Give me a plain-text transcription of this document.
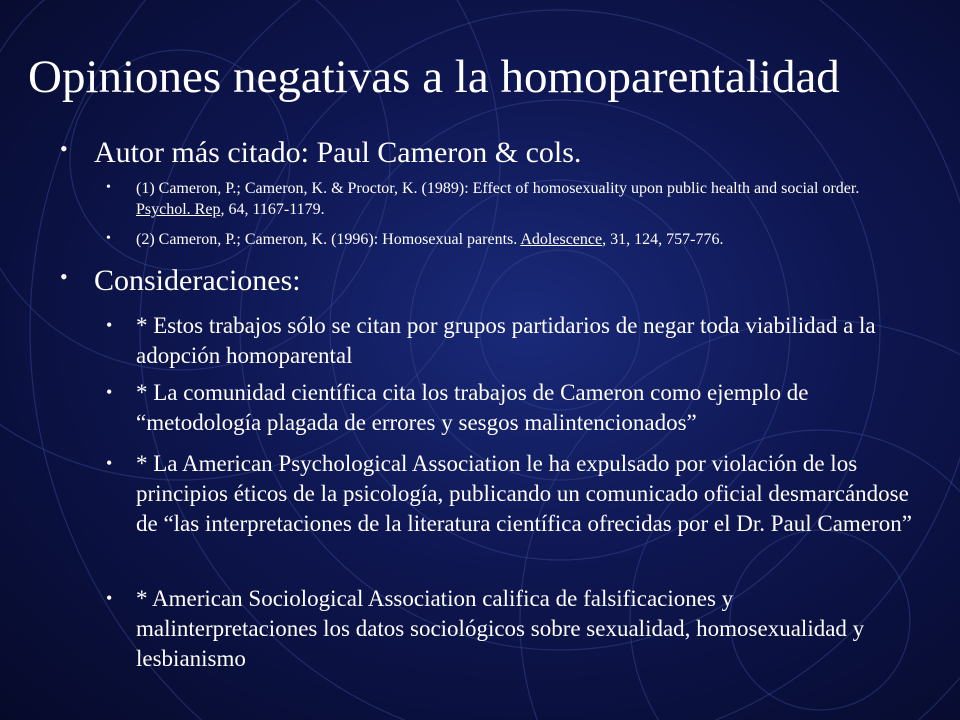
Opiniones negativas a la homoparentalidad
• Autor más citado: Paul Cameron & cols.
• (1) Cameron, P.; Cameron, K. & Proctor, K. (1989): Effect of homosexuality upon public health and social order. Psychol. Rep, 64, 1167-1179.
• (2) Cameron, P.; Cameron, K. (1996): Homosexual parents. Adolescence, 31, 124, 757-776.
• Consideraciones:
• * Estos trabajos sólo se citan por grupos partidarios de negar toda viabilidad a la adopción homoparental
• * La comunidad científica cita los trabajos de Cameron como ejemplo de “metodología plagada de errores y sesgos malintencionados”
• * La American Psychological Association le ha expulsado por violación de los principios éticos de la psicología, publicando un comunicado oficial desmarcándose de “las interpretaciones de la literatura científica ofrecidas por el Dr. Paul Cameron”
• * American Sociological Association califica de falsificaciones y malinterpretaciones los datos sociológicos sobre sexualidad, homosexualidad y lesbianismo
